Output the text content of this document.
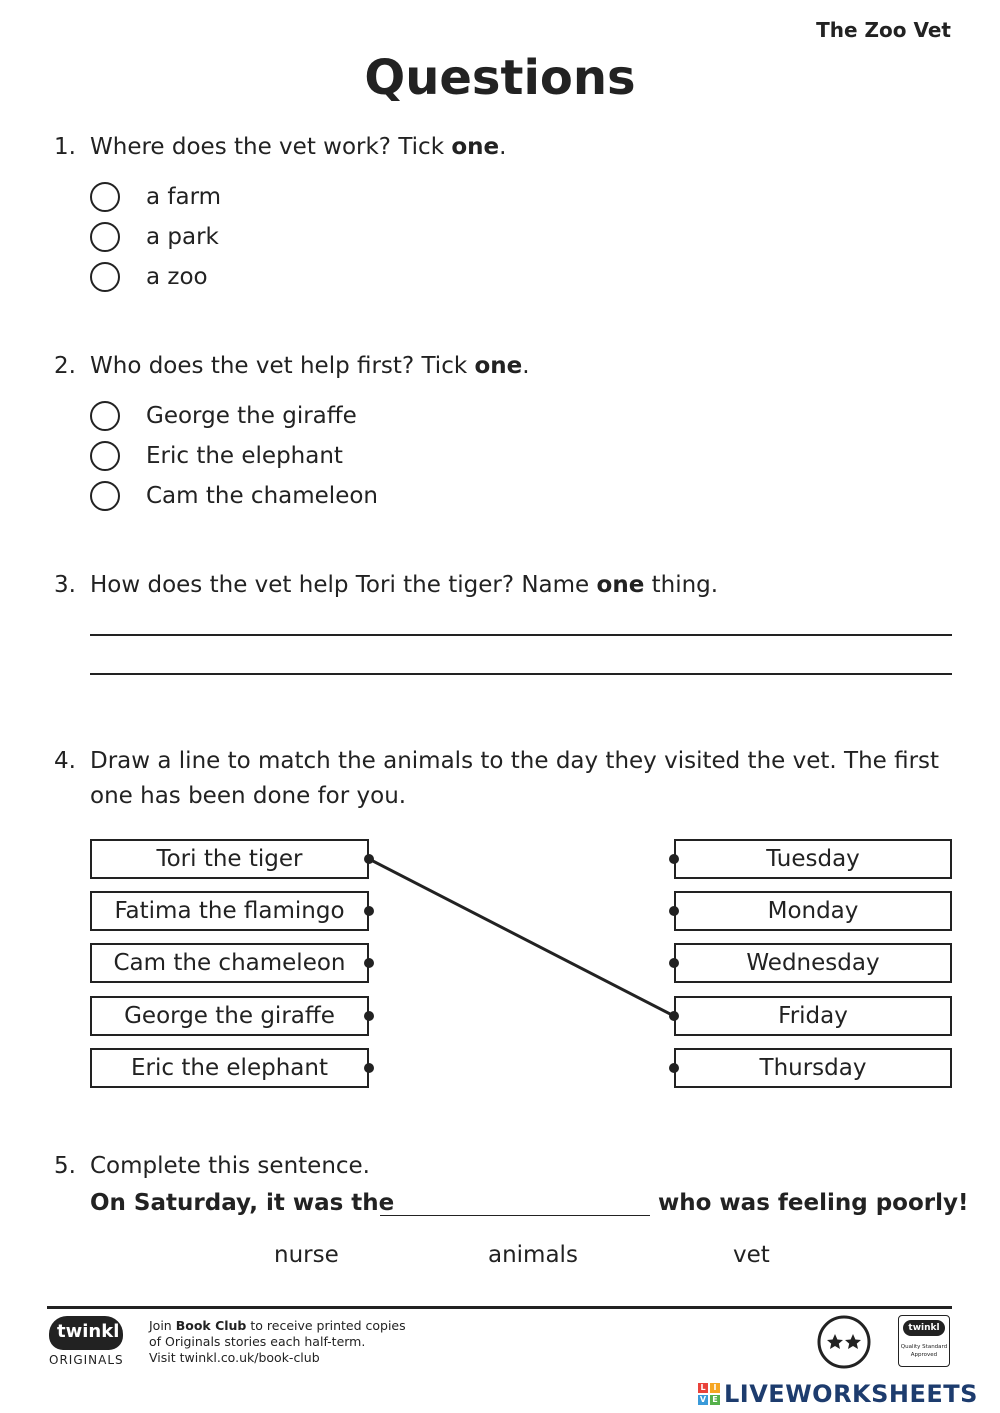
The Zoo Vet
Questions
1. Where does the vet work? Tick one.
a farm
a park
a zoo
2. Who does the vet help first? Tick one.
George the giraffe
Eric the elephant
Cam the chameleon
3. How does the vet help Tori the tiger? Name one thing.
4. Draw a line to match the animals to the day they visited the vet. The first
one has been done for you.
Tori the tiger
Fatima the flamingo
Cam the chameleon
George the giraffe
Eric the elephant
Tuesday
Monday
Wednesday
Friday
Thursday
5. Complete this sentence.
On Saturday, it was the	who was feeling poorly!
nurse	animals	vet
twinkl
ORIGINALS
Join Book Club to receive printed copies
of Originals stories each half-term.
Visit twinkl.co.uk/book-club
twinkl
Quality Standard
Approved
L I
V E LIVEWORKSHEETS
